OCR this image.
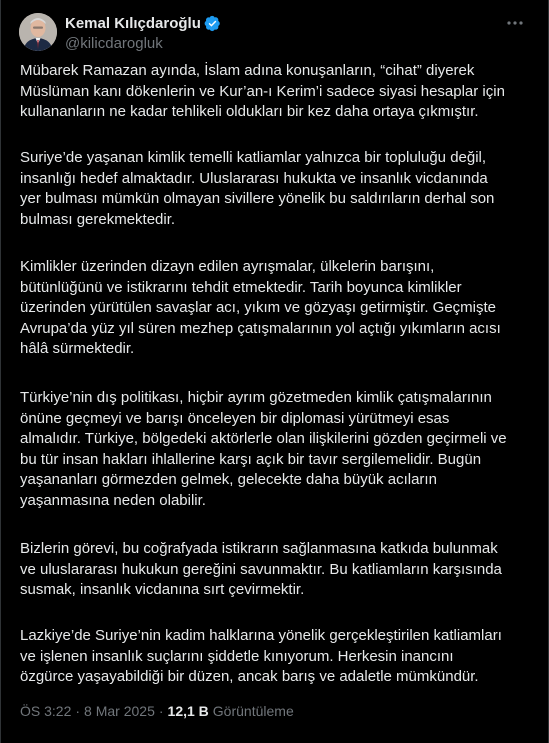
Kemal Kılıçdaroğlu
@kilicdarogluk
Mübarek Ramazan ayında, İslam adına konuşanların, “cihat” diyerek
Müslüman kanı dökenlerin ve Kur’an-ı Kerim’i sadece siyasi hesaplar için
kullananların ne kadar tehlikeli oldukları bir kez daha ortaya çıkmıştır.
Suriye’de yaşanan kimlik temelli katliamlar yalnızca bir topluluğu değil,
insanlığı hedef almaktadır. Uluslararası hukukta ve insanlık vicdanında
yer bulması mümkün olmayan sivillere yönelik bu saldırıların derhal son
bulması gerekmektedir.
Kimlikler üzerinden dizayn edilen ayrışmalar, ülkelerin barışını,
bütünlüğünü ve istikrarını tehdit etmektedir. Tarih boyunca kimlikler
üzerinden yürütülen savaşlar acı, yıkım ve gözyaşı getirmiştir. Geçmişte
Avrupa’da yüz yıl süren mezhep çatışmalarının yol açtığı yıkımların acısı
hâlâ sürmektedir.
Türkiye’nin dış politikası, hiçbir ayrım gözetmeden kimlik çatışmalarının
önüne geçmeyi ve barışı önceleyen bir diplomasi yürütmeyi esas
almalıdır. Türkiye, bölgedeki aktörlerle olan ilişkilerini gözden geçirmeli ve
bu tür insan hakları ihlallerine karşı açık bir tavır sergilemelidir. Bugün
yaşananları görmezden gelmek, gelecekte daha büyük acıların
yaşanmasına neden olabilir.
Bizlerin görevi, bu coğrafyada istikrarın sağlanmasına katkıda bulunmak
ve uluslararası hukukun gereğini savunmaktır. Bu katliamların karşısında
susmak, insanlık vicdanına sırt çevirmektir.
Lazkiye’de Suriye’nin kadim halklarına yönelik gerçekleştirilen katliamları
ve işlenen insanlık suçlarını şiddetle kınıyorum. Herkesin inancını
özgürce yaşayabildiği bir düzen, ancak barış ve adaletle mümkündür.
ÖS 3:22 · 8 Mar 2025 · 12,1 B Görüntüleme
